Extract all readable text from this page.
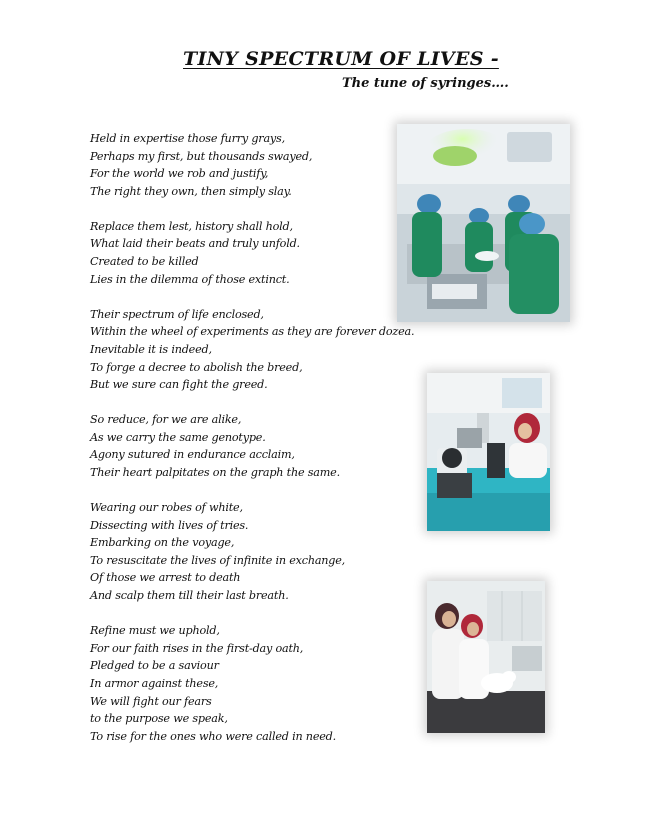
TINY SPECTRUM OF LIVES -
The tune of syringes….
Held in expertise those furry grays,
Perhaps my first, but thousands swayed,
For the world we rob and justify,
The right they own, then simply slay.
Replace them lest, history shall hold,
What laid their beats and truly unfold.
Created to be killed
Lies in the dilemma of those extinct.
Their spectrum of life enclosed,
Within the wheel of experiments as they are forever dozea.
Inevitable it is indeed,
To forge a decree to abolish the breed,
But we sure can fight the greed.
So reduce, for we are alike,
As we carry the same genotype.
Agony sutured in endurance acclaim,
Their heart palpitates on the graph the same.
Wearing our robes of white,
Dissecting with lives of tries.
Embarking on the voyage,
To resuscitate the lives of infinite in exchange,
Of those we arrest to death
And scalp them till their last breath.
Refine must we uphold,
For our faith rises in the first-day oath,
Pledged to be a saviour
In armor against these,
We will fight our fears
to the purpose we speak,
To rise for the ones who were called in need.
